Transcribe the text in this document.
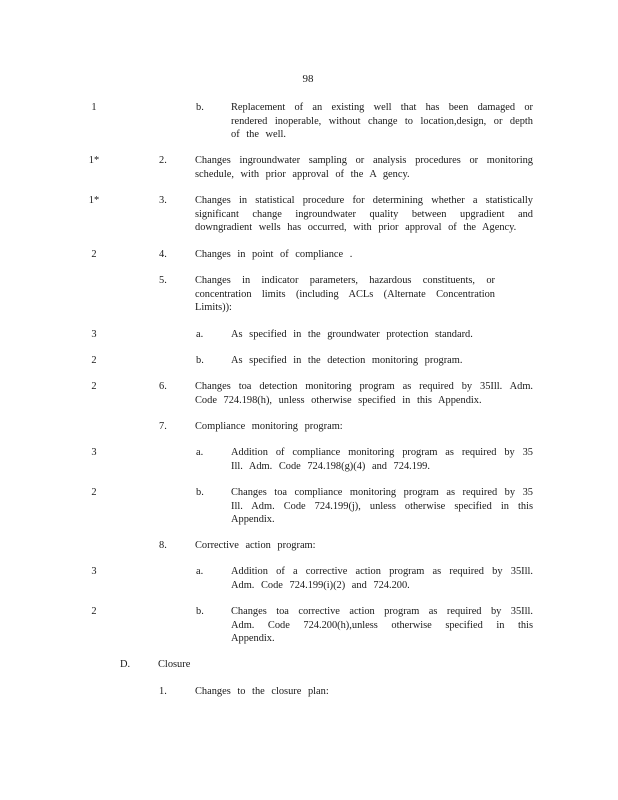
98
1	b.	Replacement of an existing well that has been damaged or rendered inoperable, without change to location,design, or depth of the well.
1*	2.	Changes ingroundwater sampling or analysis procedures or monitoring schedule, with prior approval of the A gency.
1*	3.	Changes in statistical procedure for determining whether a statistically significant change ingroundwater quality between upgradient and downgradient wells has occurred, with prior approval of the Agency.
2	4.	Changes in point of compliance .
5.	Changes in indicator parameters, hazardous constituents, or concentration limits (including ACLs (Alternate Concentration Limits)):
3	a.	As specified in the groundwater protection standard.
2	b.	As specified in the detection monitoring program.
2	6.	Changes toa detection monitoring program as required by 35Ill. Adm. Code 724.198(h), unless otherwise specified in this Appendix.
7.	Compliance monitoring program:
3	a.	Addition of compliance monitoring program as required by 35 Ill. Adm. Code 724.198(g)(4) and 724.199.
2	b.	Changes toa compliance monitoring program as required by 35 Ill. Adm. Code 724.199(j), unless otherwise specified in this Appendix.
8.	Corrective action program:
3	a.	Addition of a corrective action program as required by 35Ill. Adm. Code 724.199(i)(2) and 724.200.
2	b.	Changes toa corrective action program as required by 35Ill. Adm. Code 724.200(h),unless otherwise specified in this Appendix.
D.	Closure
1.	Changes to the closure plan:
